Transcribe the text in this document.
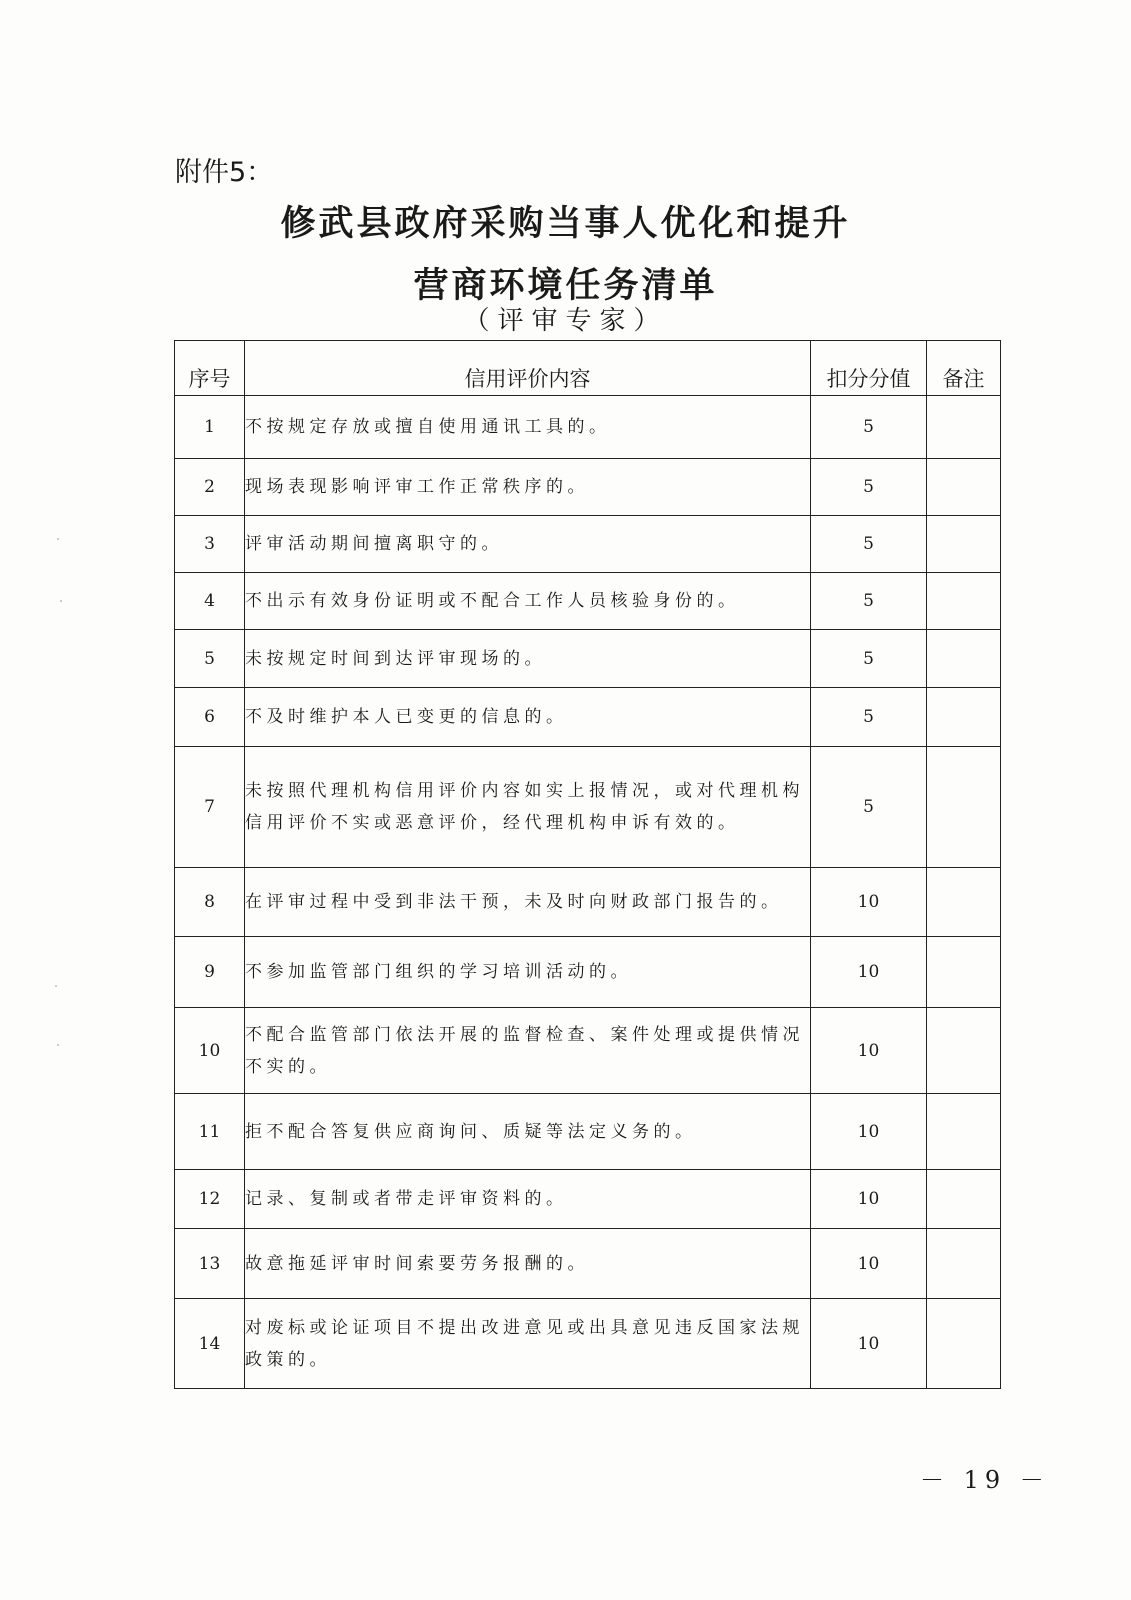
附件5：
修武县政府采购当事人优化和提升
营商环境任务清单
（评审专家）
序号	信用评价内容	扣分分值	备注
1	不按规定存放或擅自使用通讯工具的。	5	
2	现场表现影响评审工作正常秩序的。	5	
3	评审活动期间擅离职守的。	5	
4	不出示有效身份证明或不配合工作人员核验身份的。	5	
5	未按规定时间到达评审现场的。	5	
6	不及时维护本人已变更的信息的。	5	
7	未按照代理机构信用评价内容如实上报情况，或对代理机构信用评价不实或恶意评价，经代理机构申诉有效的。	5	
8	在评审过程中受到非法干预，未及时向财政部门报告的。	10	
9	不参加监管部门组织的学习培训活动的。	10	
10	不配合监管部门依法开展的监督检查、案件处理或提供情况不实的。	10	
11	拒不配合答复供应商询问、质疑等法定义务的。	10	
12	记录、复制或者带走评审资料的。	10	
13	故意拖延评审时间索要劳务报酬的。	10	
14	对废标或论证项目不提出改进意见或出具意见违反国家法规政策的。	10	
－ 19 －
